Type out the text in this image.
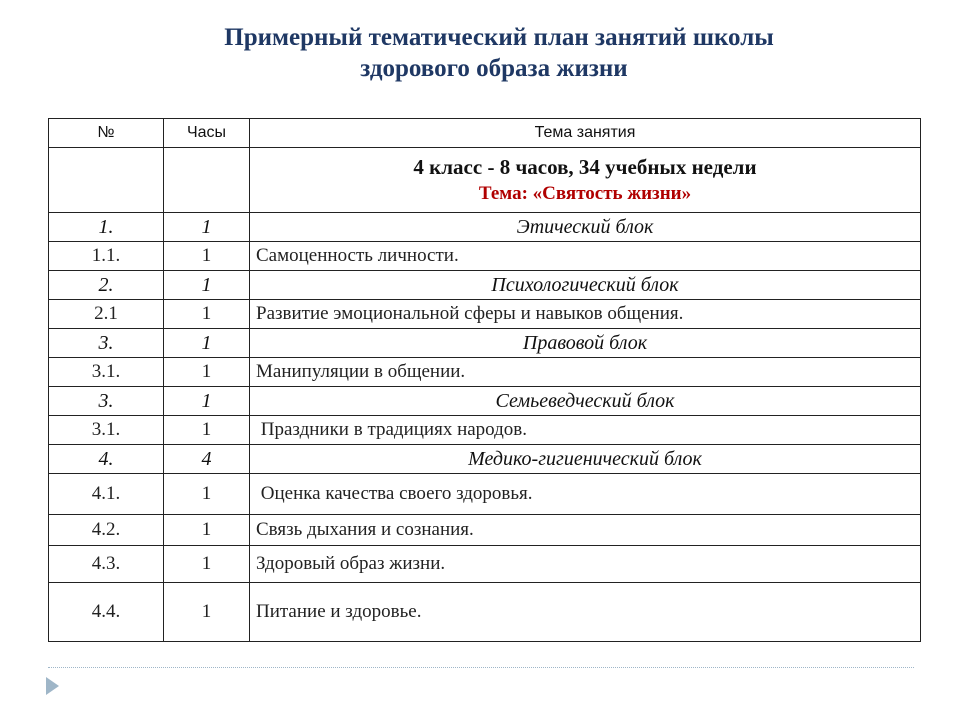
Примерный тематический план занятий школы
здорового образа жизни
№	Часы	Тема занятия

		4 класс - 8 часов, 34 учебных недели
Тема: «Святость жизни»

1.	1	Этический блок
1.1.	1	Самоценность личности.
2.	1	Психологический блок
2.1	1	Развитие эмоциональной сферы и навыков общения.
3.	1	Правовой блок
3.1.	1	Манипуляции в общении.
3.	1	Семьеведческий блок
3.1.	1	Праздники в традициях народов.
4.	4	Медико-гигиенический блок
4.1.	1	Оценка качества своего здоровья.
4.2.	1	Связь дыхания и сознания.
4.3.	1	Здоровый образ жизни.
4.4.	1	Питание и здоровье.
